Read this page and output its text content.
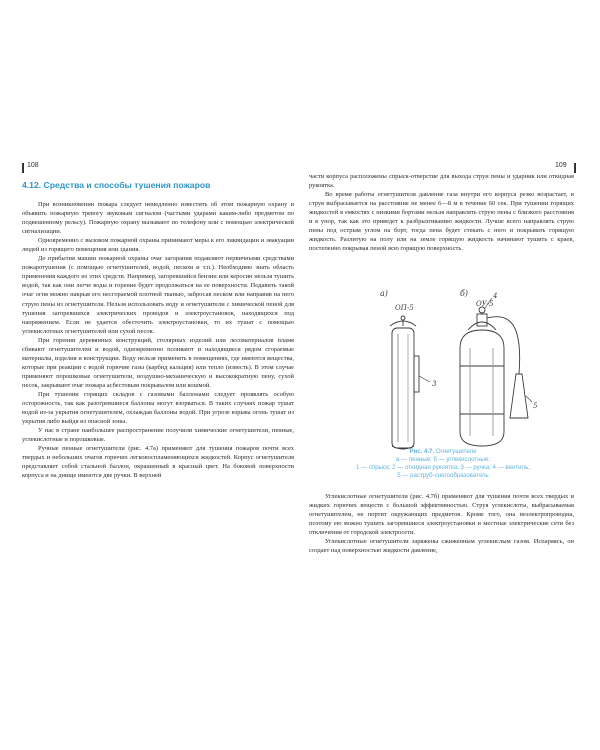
108
4.12. Средства и способы тушения пожаров

При возникновении пожара следует немедленно известить об этом пожарную охрану и объявить пожарную тревогу звуковым сигналом (частыми ударами каким-либо предметом по подвешенному рельсу). Пожарную охрану вызывают по телефону или с помощью электрической сигнализации.

Одновременно с вызовом пожарной охраны принимают меры к его ликвидации и эвакуации людей из горящего помещения или здания.

До прибытия машин пожарной охраны очаг загорания подавляют первичными средствами пожаротушения (с помощью огнетушителей, водой, песком и т.п.). Необходимо знать область применения каждого из этих средств. Например, загоревшийся бензин или керосин нельзя тушить водой, так как они легче воды и горение будет продолжаться на ее поверхности. Подавить такой очаг огня можно накрыв его несгораемой плотной тканью, забросав песком или направив на него струю пены из огнетушителя. Нельзя использовать воду и огнетушители с химической пеной для тушения загоревшихся электрических проводов и электроустановок, находящихся под напряжением. Если не удается обесточить электроустановки, то их тушат с помощью углекислотных огнетушителей или сухой песок.

При горении деревянных конструкций, столярных изделий или лесоматериалов пламя сбивают огнетушителем и водой, одновременно поливают и находящиеся рядом сгораемые материалы, изделия и конструкции. Воду нельзя применять в помещениях, где имеются вещества, которые при реакции с водой горючие газы (карбид кальция) или тепло (известь). В этом случае применяют порошковые огнетушители, воздушно-механическую и высокократную пену, сухой песок, закрывают очаг пожара асбестовым покрывалом или кошмой.

При тушении горящих складов с газовыми баллонами следует проявлять особую осторожность, так как разогревшиеся баллоны могут взорваться. В таких случаях пожар тушат водой из-за укрытия огнетушителем, охлаждая баллоны водой. При угрозе взрыва огонь тушат из укрытия либо выйдя из опасной зоны.

У нас в стране наибольшее распространение получили химические огнетушители, пенные, углекислотные и порошковые.

Ручные пенные огнетушители (рис. 4.7а) применяют для тушения пожаров почти всех твердых и небольших очагов горючих легковоспламеняющихся жидкостей. Корпус огнетушителя представляет собой стальной баллон, окрашенный в красный цвет. На боковой поверхности корпуса и на днище имеются две ручки. В верхней

109

части корпуса расположены спрыск-отверстие для выхода струи пены и ударник или откидная рукоятка.

Во время работы огнетушителя давление газа внутри его корпуса резко возрастает, и струя выбрасывается на расстояние не менее 6—8 м в течение 60 сек. При тушении горящих жидкостей в емкостях с низкими бортами нельзя направлять струю пены с близкого расстояния и в упор, так как это приведет к разбрызгиванию жидкости. Лучше всего направлять струю пены под острым углом на борт, тогда пена будет стекать с него и покрывать горящую жидкость. Разлитую на полу или на земле горящую жидкость начинают тушить с краев, постепенно покрывая пеной всю горящую поверхность.

а)	б)
ОП-5	ОУ-5
3
4
5
Рис. 4.7. Огнетушители
а — пенные; б — углекислотные;
1 — спрыск; 2 — откидная рукоятка; 3 — ручка; 4 — вентиль;
5 — раструб-снегообразователь

Углекислотные огнетушители (рис. 4.7б) применяют для тушения почти всех твердых и жидких горючих веществ с большой эффективностью. Струя углекислоты, выбрасываемая огнетушителем, не портит окружающих предметов. Кроме того, она неэлектропроводна, поэтому ею можно тушить загоревшиеся электроустановки и местные электрические сети без отключения от городской электросети.

Углекислотные огнетушители заряжены сжиженным углекислым газом. Испаряясь, он создает над поверхностью жидкости давление,
